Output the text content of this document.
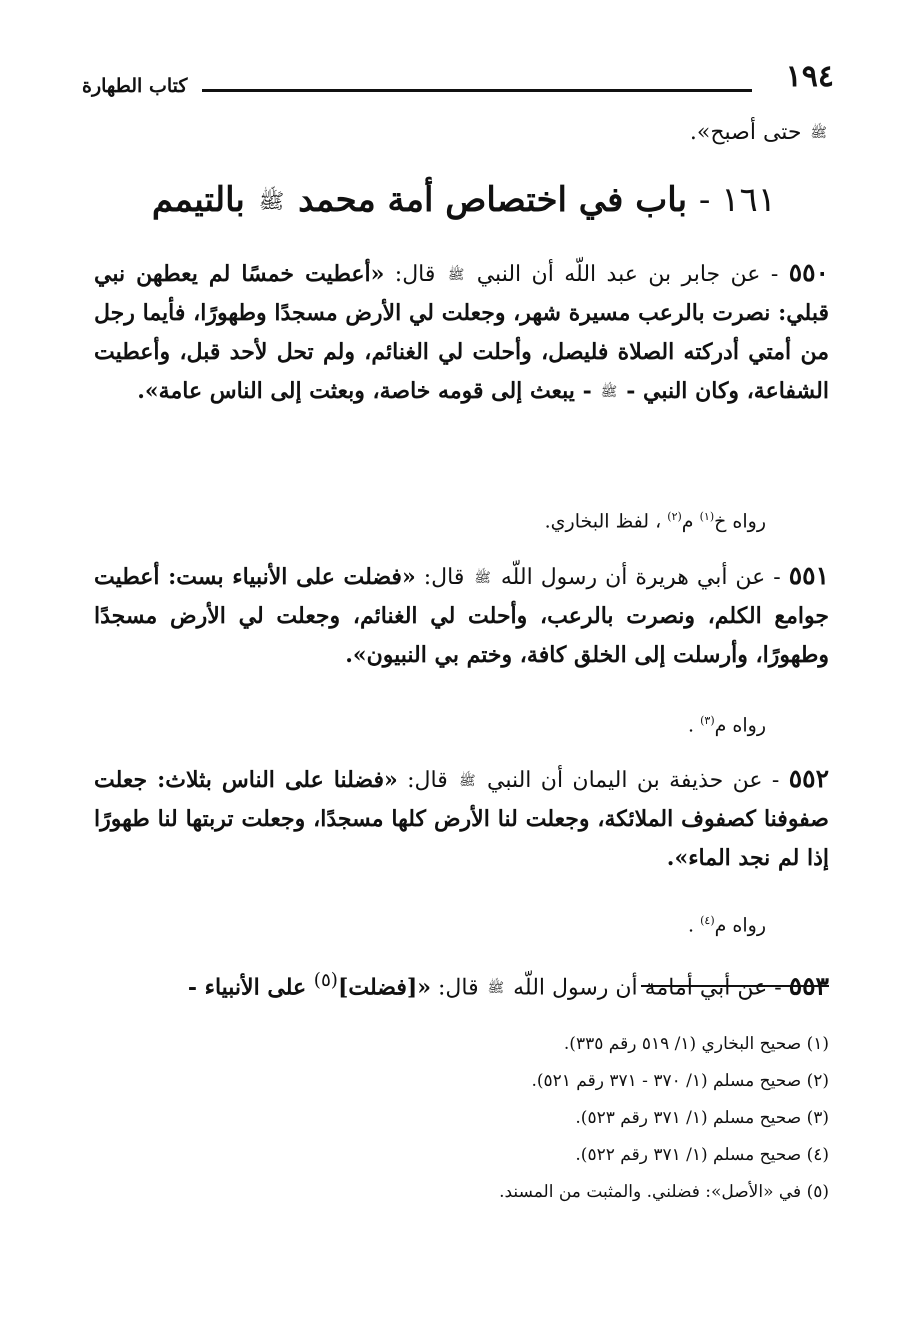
١٩٤
كتاب الطهارة
ﷺ حتى أصبح».
١٦١ - باب في اختصاص أمة محمد ﷺ بالتيمم
٥٥٠ - عن جابر بن عبد اللّه أن النبي ﷺ قال: «أعطيت خمسًا لم يعطهن نبي قبلي: نصرت بالرعب مسيرة شهر، وجعلت لي الأرض مسجدًا وطهورًا، فأيما رجل من أمتي أدركته الصلاة فليصل، وأحلت لي الغنائم، ولم تحل لأحد قبل، وأعطيت الشفاعة، وكان النبي - ﷺ - يبعث إلى قومه خاصة، وبعثت إلى الناس عامة».
رواه خ$^{(١)}$ م$^{(٢)}$ ، لفظ البخاري.
٥٥١ - عن أبي هريرة أن رسول اللّه ﷺ قال: «فضلت على الأنبياء بست: أعطيت جوامع الكلم، ونصرت بالرعب، وأحلت لي الغنائم، وجعلت لي الأرض مسجدًا وطهورًا، وأرسلت إلى الخلق كافة، وختم بي النبيون».
رواه م$^{(٣)}$ .
٥٥٢ - عن حذيفة بن اليمان أن النبي ﷺ قال: «فضلنا على الناس بثلاث: جعلت صفوفنا كصفوف الملائكة، وجعلت لنا الأرض كلها مسجدًا، وجعلت تربتها لنا طهورًا إذا لم نجد الماء».
رواه م$^{(٤)}$ .
٥٥٣ - عن أبي أمامة أن رسول اللّه ﷺ قال: «[فضلت]$^{(٥)}$ على الأنبياء -
(١) صحيح البخاري (١/ ٥١٩ رقم ٣٣٥).
(٢) صحيح مسلم (١/ ٣٧٠ - ٣٧١ رقم ٥٢١).
(٣) صحيح مسلم (١/ ٣٧١ رقم ٥٢٣).
(٤) صحيح مسلم (١/ ٣٧١ رقم ٥٢٢).
(٥) في «الأصل»: فضلني. والمثبت من المسند.
